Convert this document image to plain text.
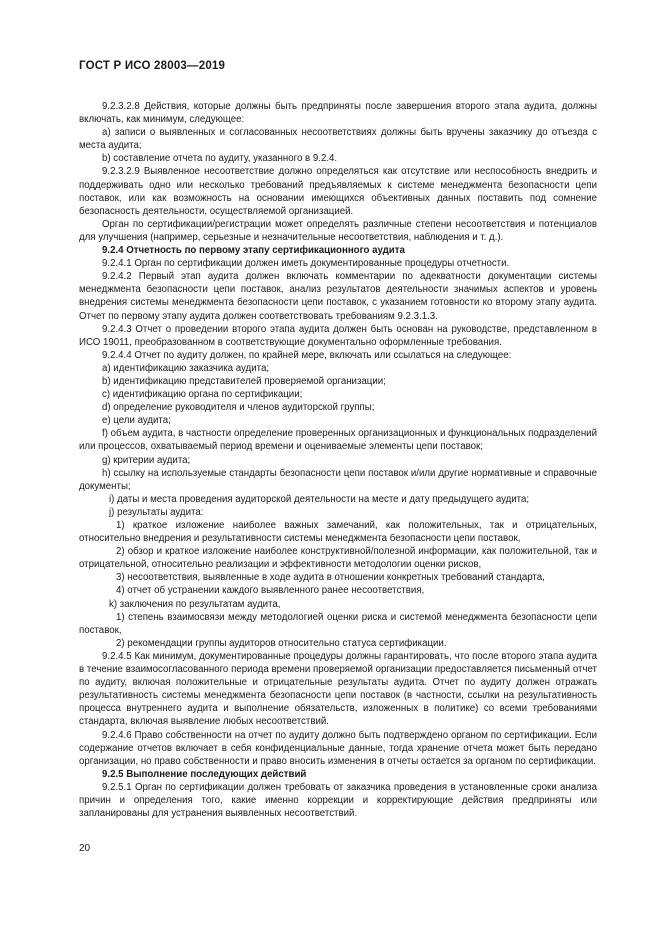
ГОСТ Р ИСО 28003—2019

9.2.3.2.8 Действия, которые должны быть предприняты после завершения второго этапа аудита, должны включать, как минимум, следующее:

a) записи о выявленных и согласованных несоответствиях должны быть вручены заказчику до отъезда с места аудита;

b) составление отчета по аудиту, указанного в 9.2.4.

9.2.3.2.9 Выявленное несоответствие должно определяться как отсутствие или неспособность внедрить и поддерживать одно или несколько требований предъявляемых к системе менеджмента безопасности цепи поставок, или как возможность на основании имеющихся объективных данных поставить под сомнение безопасность деятельности, осуществляемой организацией.

Орган по сертификации/регистрации может определять различные степени несоответствия и потенциалов для улучшения (например, серьезные и незначительные несоответствия, наблюдения и т. д.).

9.2.4 Отчетность по первому этапу сертификационного аудита

9.2.4.1 Орган по сертификации должен иметь документированные процедуры отчетности.

9.2.4.2 Первый этап аудита должен включать комментарии по адекватности документации системы менеджмента безопасности цепи поставок, анализ результатов деятельности значимых аспектов и уровень внедрения системы менеджмента безопасности цепи поставок, с указанием готовности ко второму этапу аудита. Отчет по первому этапу аудита должен соответствовать требованиям 9.2.3.1.3.

9.2.4.3 Отчет о проведении второго этапа аудита должен быть основан на руководстве, представленном в ИСО 19011, преобразованном в соответствующие документально оформленные требования.

9.2.4.4 Отчет по аудиту должен, по крайней мере, включать или ссылаться на следующее:

a) идентификацию заказчика аудита;

b) идентификацию представителей проверяемой организации;

c) идентификацию органа по сертификации;

d) определение руководителя и членов аудиторской группы;

e) цели аудита;

f) объем аудита, в частности определение проверенных организационных и функциональных подразделений или процессов, охватываемый период времени и оцениваемые элементы цепи поставок;

g) критерии аудита;

h) ссылку на используемые стандарты безопасности цепи поставок и/или другие нормативные и справочные документы;

i) даты и места проведения аудиторской деятельности на месте и дату предыдущего аудита;

j) результаты аудита:

1) краткое изложение наиболее важных замечаний, как положительных, так и отрицательных, относительно внедрения и результативности системы менеджмента безопасности цепи поставок,

2) обзор и краткое изложение наиболее конструктивной/полезной информации, как положительной, так и отрицательной, относительно реализации и эффективности методологии оценки рисков,

3) несоответствия, выявленные в ходе аудита в отношении конкретных требований стандарта,

4) отчет об устранении каждого выявленного ранее несоответствия,

k) заключения по результатам аудита,

1) степень взаимосвязи между методологией оценки риска и системой менеджмента безопасности цепи поставок,

2) рекомендации группы аудиторов относительно статуса сертификации.

9.2.4.5 Как минимум, документированные процедуры должны гарантировать, что после второго этапа аудита в течение взаимосогласованного периода времени проверяемой организации предоставляется письменный отчет по аудиту, включая положительные и отрицательные результаты аудита. Отчет по аудиту должен отражать результативность системы менеджмента безопасности цепи поставок (в частности, ссылки на результативность процесса внутреннего аудита и выполнение обязательств, изложенных в политике) со всеми требованиями стандарта, включая выявление любых несоответствий.

9.2.4.6 Право собственности на отчет по аудиту должно быть подтверждено органом по сертификации. Если содержание отчетов включает в себя конфиденциальные данные, тогда хранение отчета может быть передано организации, но право собственности и право вносить изменения в отчеты остается за органом по сертификации.

9.2.5 Выполнение последующих действий

9.2.5.1 Орган по сертификации должен требовать от заказчика проведения в установленные сроки анализа причин и определения того, какие именно коррекции и корректирующие действия предприняты или запланированы для устранения выявленных несоответствий.

20
